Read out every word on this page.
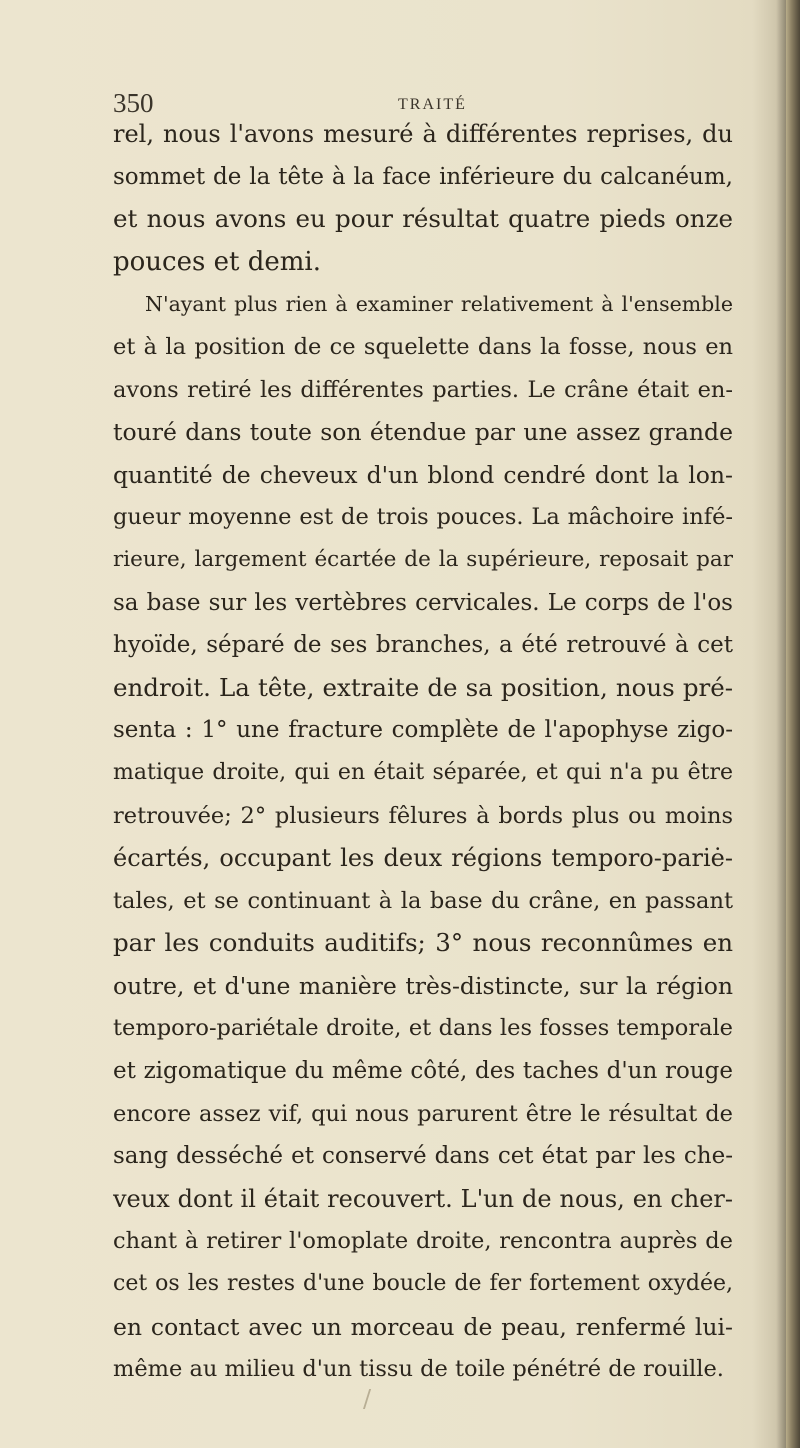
350	TRAITÉ
rel, nous l'avons mesuré à différentes reprises, du
sommet de la tête à la face inférieure du calcanéum,
et nous avons eu pour résultat quatre pieds onze
pouces et demi.
N'ayant plus rien à examiner relativement à l'ensemble
et à la position de ce squelette dans la fosse, nous en
avons retiré les différentes parties. Le crâne était en-
touré dans toute son étendue par une assez grande
quantité de cheveux d'un blond cendré dont la lon-
gueur moyenne est de trois pouces. La mâchoire infé-
rieure, largement écartée de la supérieure, reposait par
sa base sur les vertèbres cervicales. Le corps de l'os
hyoïde, séparé de ses branches, a été retrouvé à cet
endroit. La tête, extraite de sa position, nous pré-
senta : 1° une fracture complète de l'apophyse zigo-
matique droite, qui en était séparée, et qui n'a pu être
retrouvée; 2° plusieurs fêlures à bords plus ou moins
écartés, occupant les deux régions temporo-pariė-
tales, et se continuant à la base du crâne, en passant
par les conduits auditifs; 3° nous reconnûmes en
outre, et d'une manière très-distincte, sur la région
temporo-pariétale droite, et dans les fosses temporale
et zigomatique du même côté, des taches d'un rouge
encore assez vif, qui nous parurent être le résultat de
sang desséché et conservé dans cet état par les che-
veux dont il était recouvert. L'un de nous, en cher-
chant à retirer l'omoplate droite, rencontra auprès de
cet os les restes d'une boucle de fer fortement oxydée,
en contact avec un morceau de peau, renfermé lui-
même au milieu d'un tissu de toile pénétré de rouille.
/
